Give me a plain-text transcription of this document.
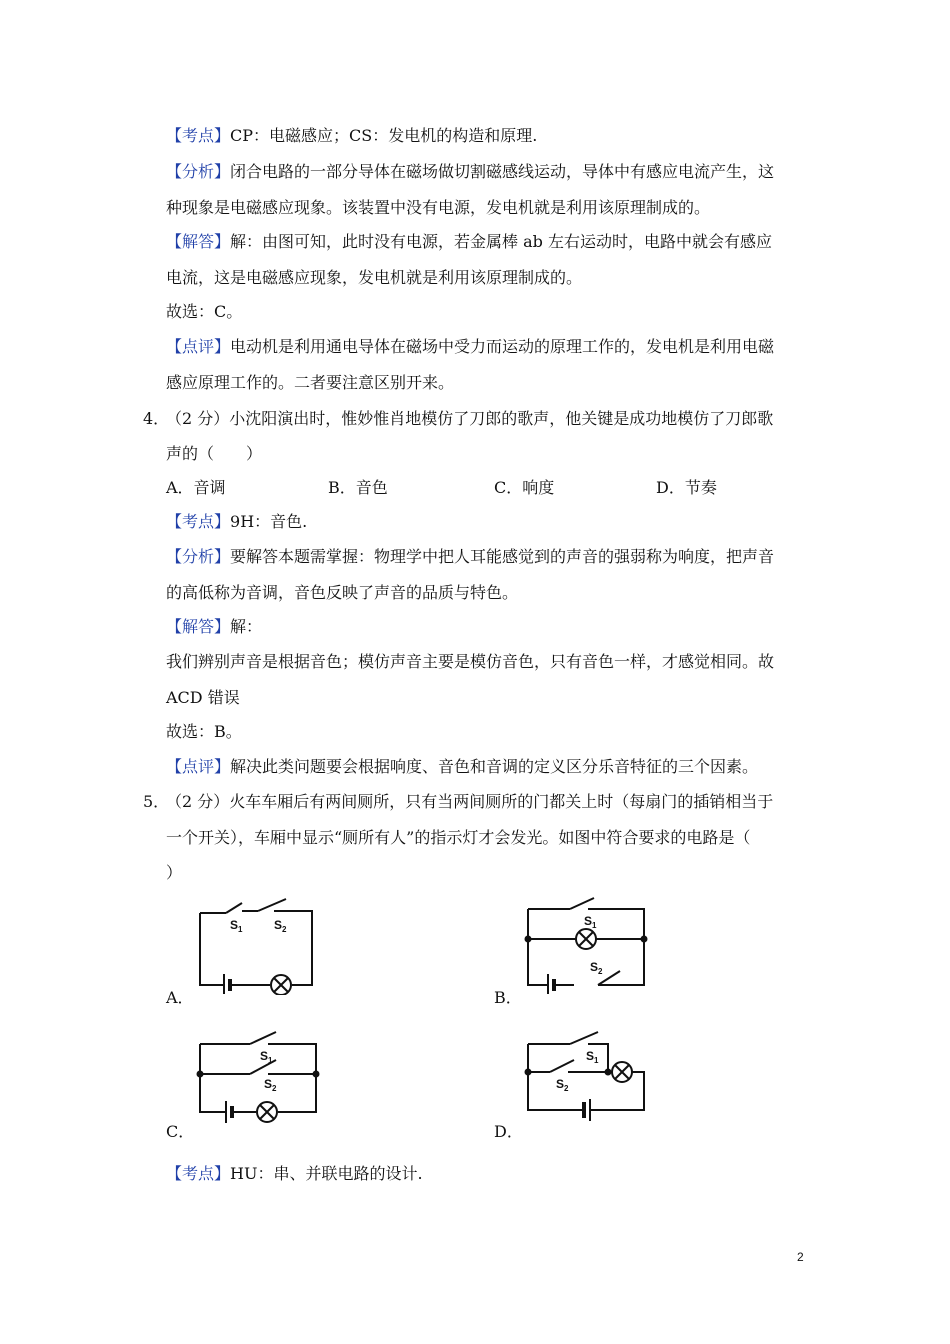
【考点】CP：电磁感应；CS：发电机的构造和原理.
【分析】闭合电路的一部分导体在磁场做切割磁感线运动，导体中有感应电流产生，这
种现象是电磁感应现象。该装置中没有电源，发电机就是利用该原理制成的。
【解答】解：由图可知，此时没有电源，若金属棒 ab 左右运动时，电路中就会有感应
电流，这是电磁感应现象，发电机就是利用该原理制成的。
故选：C。
【点评】电动机是利用通电导体在磁场中受力而运动的原理工作的，发电机是利用电磁
感应原理工作的。二者要注意区别开来。
4．
（2 分）小沈阳演出时，惟妙惟肖地模仿了刀郎的歌声，他关键是成功地模仿了刀郎歌
声的（　　）
A．音调	B．音色	C．响度	D．节奏
【考点】9H：音色.
【分析】要解答本题需掌握：物理学中把人耳能感觉到的声音的强弱称为响度，把声音
的高低称为音调，音色反映了声音的品质与特色。
【解答】解：
我们辨别声音是根据音色；模仿声音主要是模仿音色，只有音色一样，才感觉相同。故
ACD 错误
故选：B。
【点评】解决此类问题要会根据响度、音色和音调的定义区分乐音特征的三个因素。
5．
（2 分）火车车厢后有两间厕所，只有当两间厕所的门都关上时（每扇门的插销相当于
一个开关），车厢中显示“厕所有人”的指示灯才会发光。如图中符合要求的电路是（
）
$S_1$	$S_2$
A．
$S_1$
$S_2$
B．
$S_1$
$S_2$
C．
$S_1$
$S_2$
D．
【考点】HU：串、并联电路的设计.
2
